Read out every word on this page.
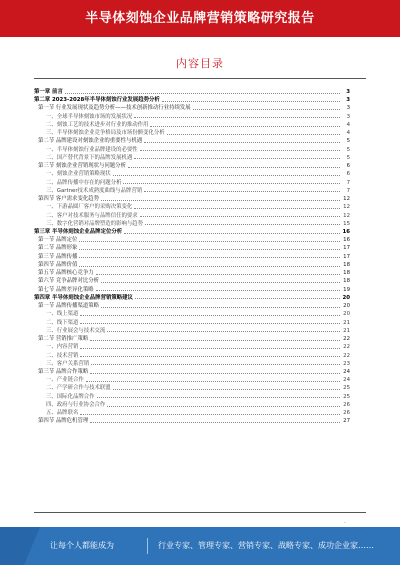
半导体刻蚀企业品牌营销策略研究报告
内容目录
第一章 前言	3
第二章 2023-2028年半导体刻蚀行业发展趋势分析	3
第一节 行业发展现状及趋势分析——技术创新推动行业持续发展	3
一、全球半导体刻蚀市场的发展状况	3
二、刻蚀工艺的技术进步对行业的推动作用	4
三、半导体刻蚀企业竞争格局及市场份额变化分析	4
第二节 品牌建设对刻蚀企业的重要性与机遇	5
一、半导体刻蚀行业品牌建设的必要性	5
二、国产替代背景下的品牌发展机遇	5
第三节 刻蚀企业营销现状与问题分析	6
一、刻蚀企业营销策略现状	6
二、品牌传播中存在的问题分析	7
三、Gartner技术成熟度曲线与品牌营销	7
第四节 客户需求变化趋势	12
一、下游晶圆厂客户的采购决策变化	12
二、客户对技术服务与品牌信任的要求	12
三、数字化营销对品牌塑造的影响与趋势	15
第三章 半导体刻蚀企业品牌定位分析	16
第一节 品牌定位	16
第二节 品牌形象	17
第三节 品牌传播	17
第四节 品牌价值	18
第五节 品牌核心竞争力	18
第六节 竞争品牌对比分析	18
第七节 品牌差异化策略	19
第四章 半导体刻蚀企业品牌营销策略建议	20
第一节 品牌传播渠道策略	20
一、线上渠道	20
二、线下渠道	21
三、行业展会与技术交流	21
第二节 营销推广策略	22
一、内容营销	22
二、技术营销	22
三、客户关系营销	23
第三节 品牌合作策略	24
一、产业链合作	24
二、产学研合作与技术联盟	25
三、国际化品牌合作	25
四、政府与行业协会合作	26
五、品牌联名	26
第四节 品牌危机管理	27
·
让每个人都能成为	行业专家、管理专家、营销专家、战略专家、成功企业家……
